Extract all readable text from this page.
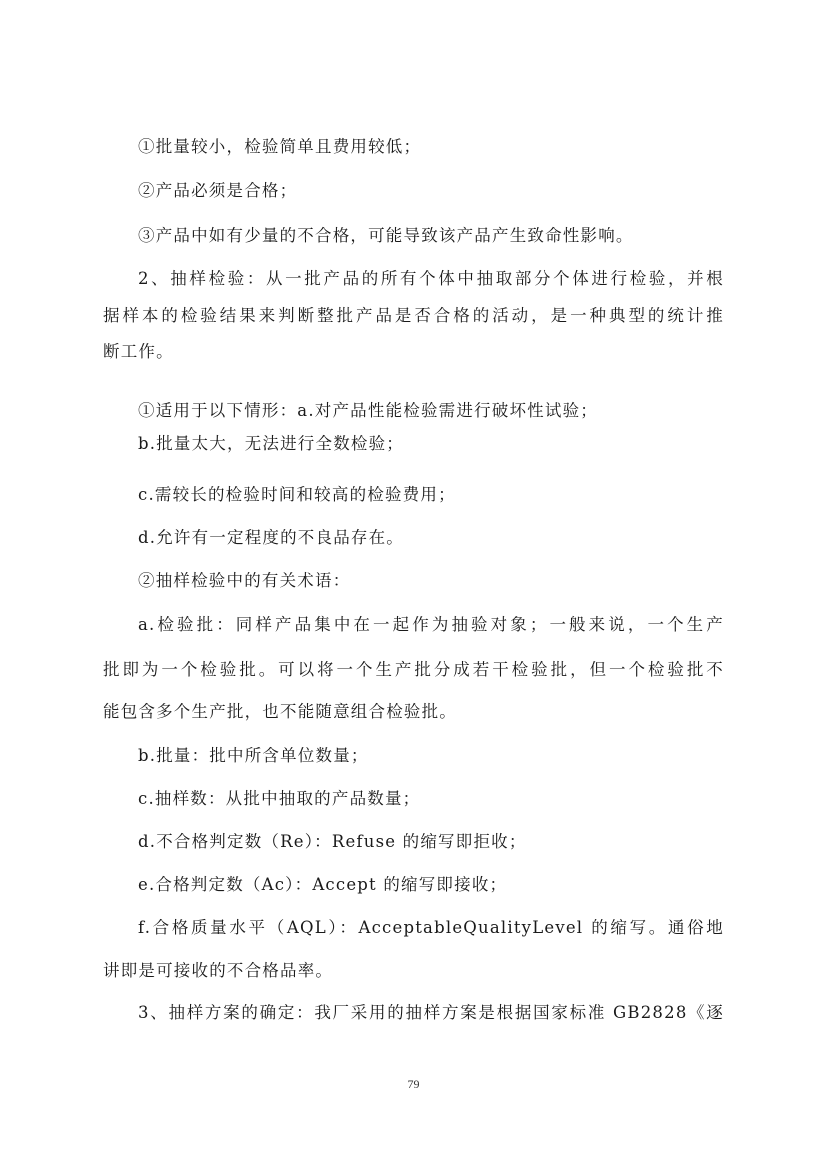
①批量较小，检验简单且费用较低；
②产品必须是合格；
③产品中如有少量的不合格，可能导致该产品产生致命性影响。
2、抽样检验：从一批产品的所有个体中抽取部分个体进行检验，并根
据样本的检验结果来判断整批产品是否合格的活动，是一种典型的统计推
断工作。
①适用于以下情形：a.对产品性能检验需进行破坏性试验；
b.批量太大，无法进行全数检验；
c.需较长的检验时间和较高的检验费用；
d.允许有一定程度的不良品存在。
②抽样检验中的有关术语：
a.检验批：同样产品集中在一起作为抽验对象；一般来说，一个生产
批即为一个检验批。可以将一个生产批分成若干检验批，但一个检验批不
能包含多个生产批，也不能随意组合检验批。
b.批量：批中所含单位数量；
c.抽样数：从批中抽取的产品数量；
d.不合格判定数（Re）：Refuse 的缩写即拒收；
e.合格判定数（Ac）：Accept 的缩写即接收；
f.合格质量水平（AQL）：AcceptableQualityLevel 的缩写。通俗地
讲即是可接收的不合格品率。
3、抽样方案的确定：我厂采用的抽样方案是根据国家标准 GB2828《逐
79
